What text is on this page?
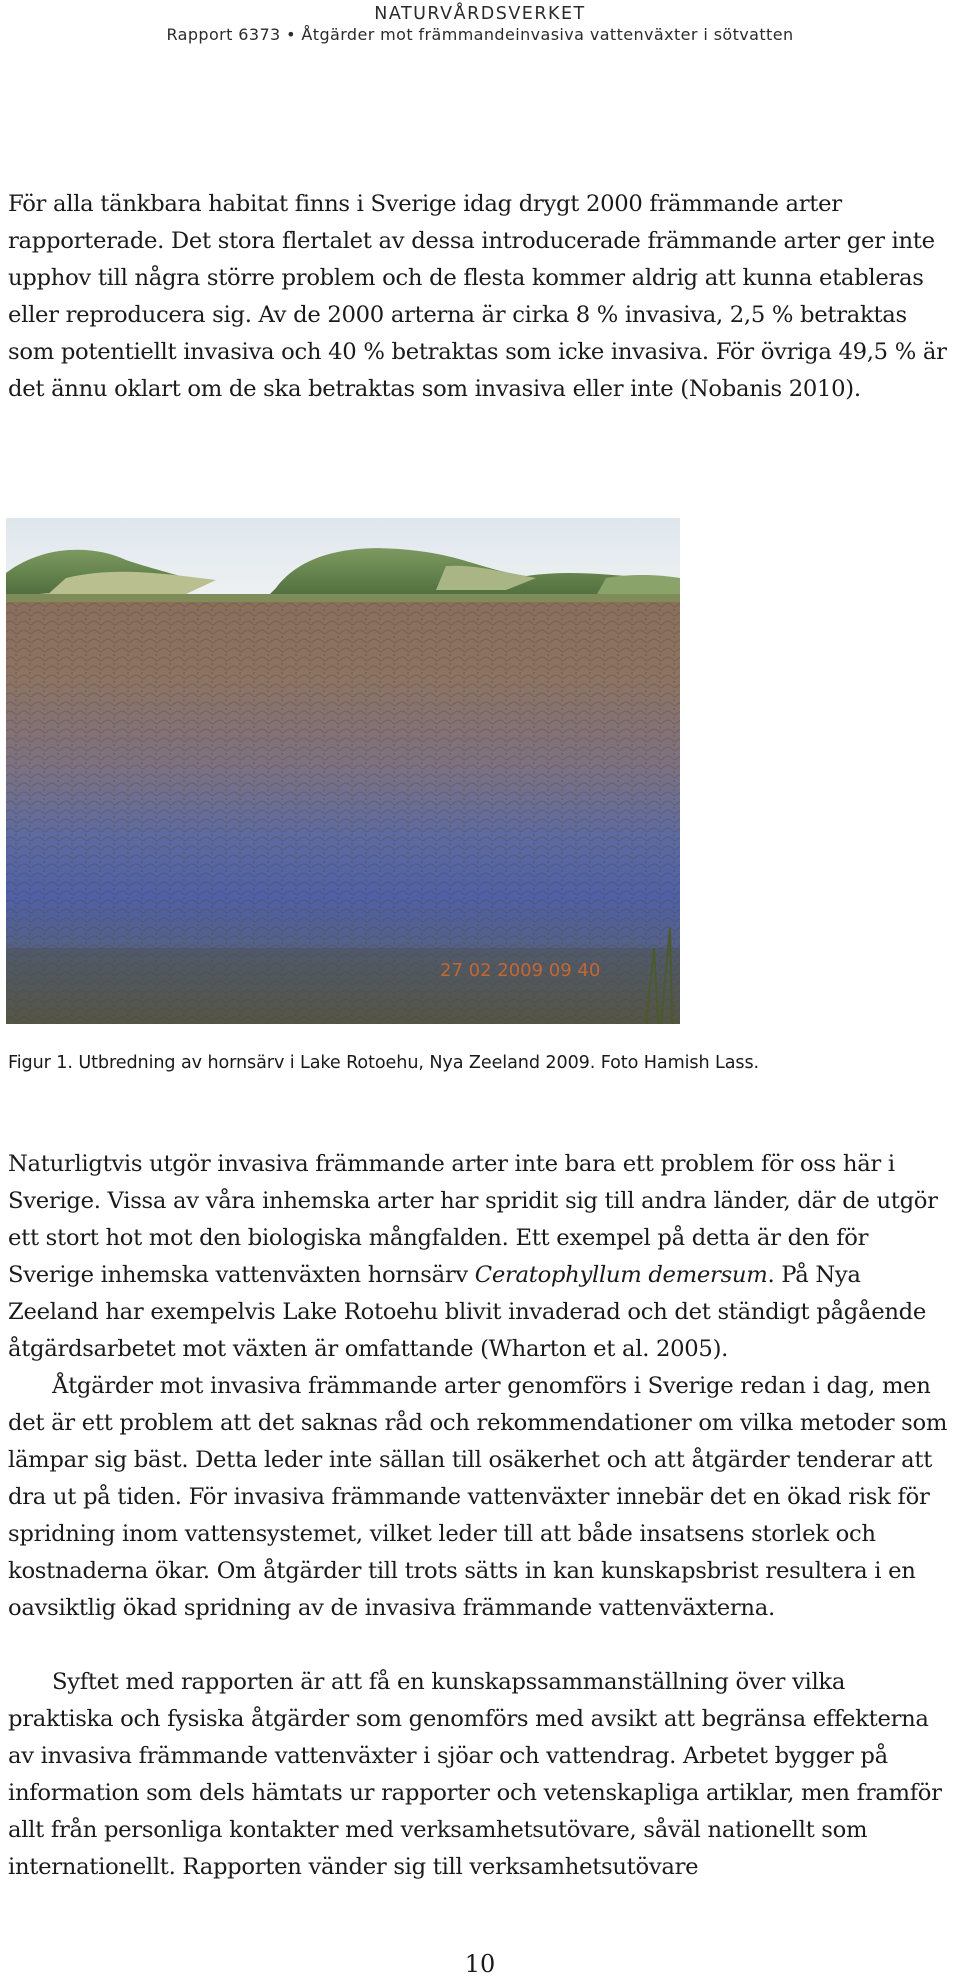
NATURVÅRDSVERKET
Rapport 6373 • Åtgärder mot främmandeinvasiva vattenväxter i sötvatten

För alla tänkbara habitat finns i Sverige idag drygt 2000 främmande arter rapporterade. Det stora flertalet av dessa introducerade främmande arter ger inte upphov till några större problem och de flesta kommer aldrig att kunna etableras eller reproducera sig. Av de 2000 arterna är cirka 8 % invasiva, 2,5 % betraktas som potentiellt invasiva och 40 % betraktas som icke invasiva. För övriga 49,5 % är det ännu oklart om de ska betraktas som invasiva eller inte (Nobanis 2010).

27 02 2009 09 40
Figur 1. Utbredning av hornsärv i Lake Rotoehu, Nya Zeeland 2009. Foto Hamish Lass.

Naturligtvis utgör invasiva främmande arter inte bara ett problem för oss här i Sverige. Vissa av våra inhemska arter har spridit sig till andra länder, där de utgör ett stort hot mot den biologiska mångfalden. Ett exempel på detta är den för Sverige inhemska vattenväxten hornsärv Ceratophyllum demersum. På Nya Zeeland har exempelvis Lake Rotoehu blivit invaderad och det ständigt pågående åtgärdsarbetet mot växten är omfattande (Wharton et al. 2005).

Åtgärder mot invasiva främmande arter genomförs i Sverige redan i dag, men det är ett problem att det saknas råd och rekommendationer om vilka metoder som lämpar sig bäst. Detta leder inte sällan till osäkerhet och att åtgärder tenderar att dra ut på tiden. För invasiva främmande vattenväxter innebär det en ökad risk för spridning inom vattensystemet, vilket leder till att både insatsens storlek och kostnaderna ökar. Om åtgärder till trots sätts in kan kunskapsbrist resultera i en oavsiktlig ökad spridning av de invasiva främmande vattenväxterna.

Syftet med rapporten är att få en kunskapssammanställning över vilka praktiska och fysiska åtgärder som genomförs med avsikt att begränsa effekterna av invasiva främmande vattenväxter i sjöar och vattendrag. Arbetet bygger på information som dels hämtats ur rapporter och vetenskapliga artiklar, men framför allt från personliga kontakter med verksamhetsutövare, såväl nationellt som internationellt. Rapporten vänder sig till verksamhetsutövare

10
